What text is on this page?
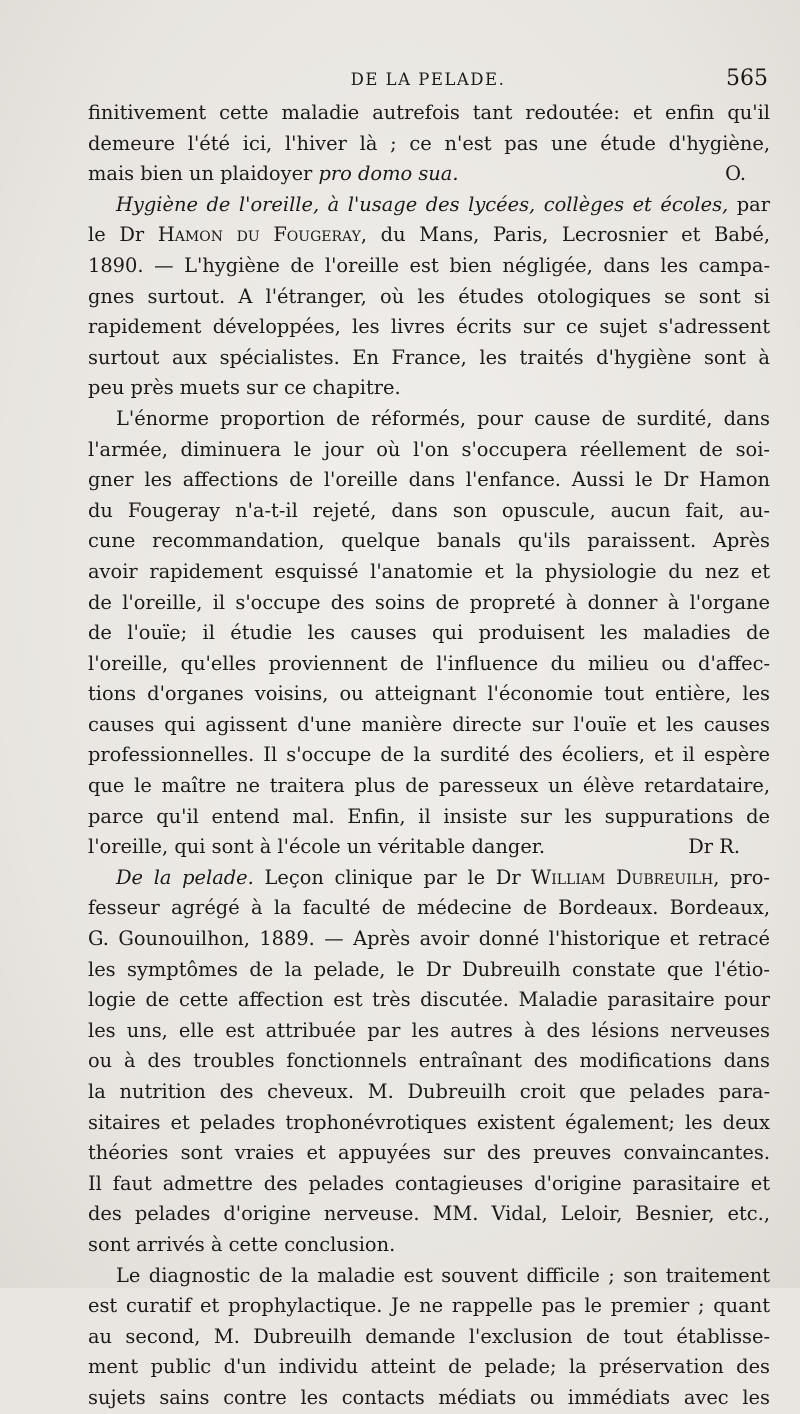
DE LA PELADE.	565
finitivement cette maladie autrefois tant redoutée: et enfin qu'il
demeure l'été ici, l'hiver là ; ce n'est pas une étude d'hygiène,
mais bien un plaidoyer pro domo sua.	O.
Hygiène de l'oreille, à l'usage des lycées, collèges et écoles, par
le Dr Hamon du Fougeray, du Mans, Paris, Lecrosnier et Babé,
1890. — L'hygiène de l'oreille est bien négligée, dans les campa-
gnes surtout. A l'étranger, où les études otologiques se sont si
rapidement développées, les livres écrits sur ce sujet s'adressent
surtout aux spécialistes. En France, les traités d'hygiène sont à
peu près muets sur ce chapitre.
L'énorme proportion de réformés, pour cause de surdité, dans
l'armée, diminuera le jour où l'on s'occupera réellement de soi-
gner les affections de l'oreille dans l'enfance. Aussi le Dr Hamon
du Fougeray n'a-t-il rejeté, dans son opuscule, aucun fait, au-
cune recommandation, quelque banals qu'ils paraissent. Après
avoir rapidement esquissé l'anatomie et la physiologie du nez et
de l'oreille, il s'occupe des soins de propreté à donner à l'organe
de l'ouïe; il étudie les causes qui produisent les maladies de
l'oreille, qu'elles proviennent de l'influence du milieu ou d'affec-
tions d'organes voisins, ou atteignant l'économie tout entière, les
causes qui agissent d'une manière directe sur l'ouïe et les causes
professionnelles. Il s'occupe de la surdité des écoliers, et il espère
que le maître ne traitera plus de paresseux un élève retardataire,
parce qu'il entend mal. Enfin, il insiste sur les suppurations de
l'oreille, qui sont à l'école un véritable danger.	Dr R.
De la pelade. Leçon clinique par le Dr William Dubreuilh, pro-
fesseur agrégé à la faculté de médecine de Bordeaux. Bordeaux,
G. Gounouilhon, 1889. — Après avoir donné l'historique et retracé
les symptômes de la pelade, le Dr Dubreuilh constate que l'étio-
logie de cette affection est très discutée. Maladie parasitaire pour
les uns, elle est attribuée par les autres à des lésions nerveuses
ou à des troubles fonctionnels entraînant des modifications dans
la nutrition des cheveux. M. Dubreuilh croit que pelades para-
sitaires et pelades trophonévrotiques existent également; les deux
théories sont vraies et appuyées sur des preuves convaincantes.
Il faut admettre des pelades contagieuses d'origine parasitaire et
des pelades d'origine nerveuse. MM. Vidal, Leloir, Besnier, etc.,
sont arrivés à cette conclusion.
Le diagnostic de la maladie est souvent difficile ; son traitement
est curatif et prophylactique. Je ne rappelle pas le premier ; quant
au second, M. Dubreuilh demande l'exclusion de tout établisse-
ment public d'un individu atteint de pelade; la préservation des
sujets sains contre les contacts médiats ou immédiats avec les
